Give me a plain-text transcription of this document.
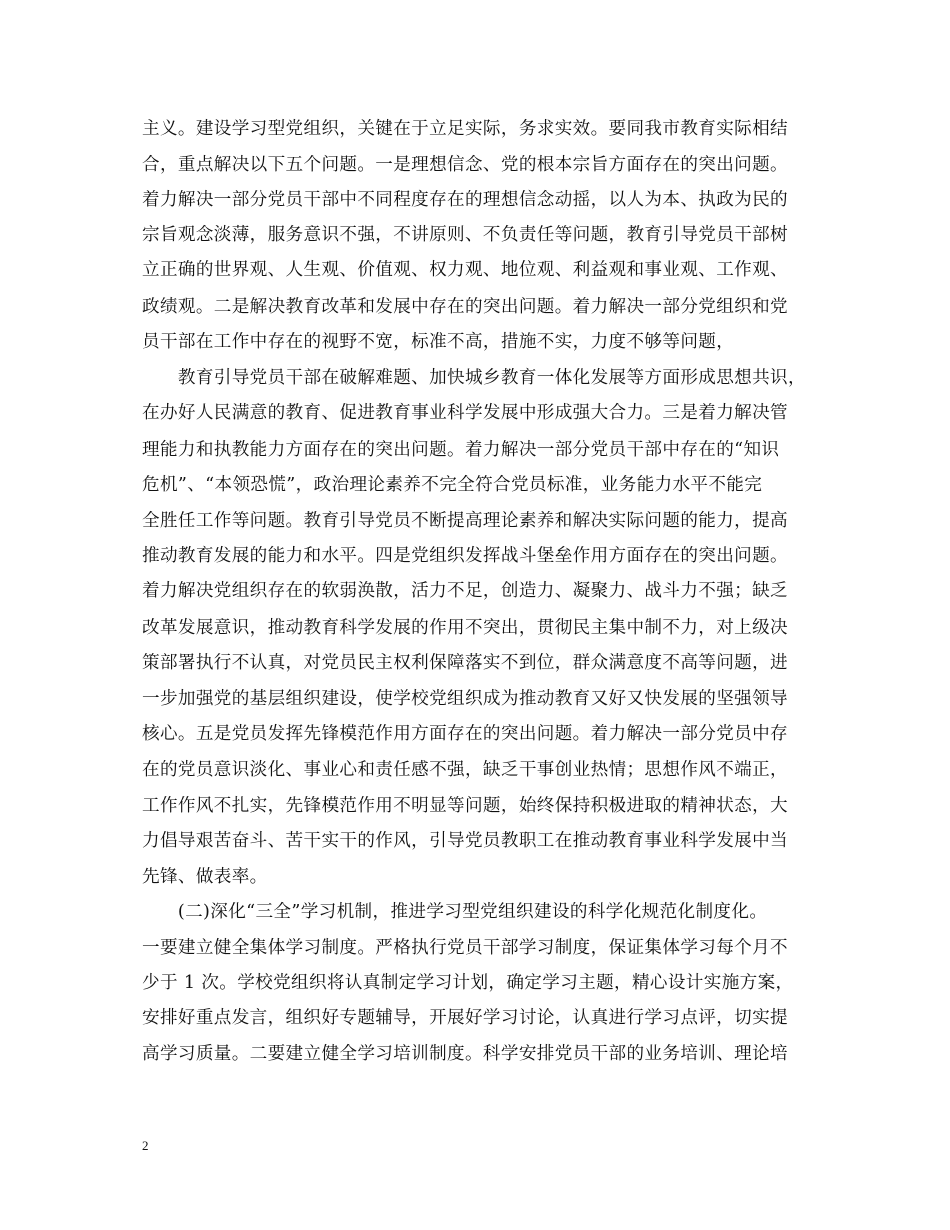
主义。建设学习型党组织，关键在于立足实际，务求实效。要同我市教育实际相结
合，重点解决以下五个问题。一是理想信念、党的根本宗旨方面存在的突出问题。
着力解决一部分党员干部中不同程度存在的理想信念动摇，以人为本、执政为民的
宗旨观念淡薄，服务意识不强，不讲原则、不负责任等问题，教育引导党员干部树
立正确的世界观、人生观、价值观、权力观、地位观、利益观和事业观、工作观、
政绩观。二是解决教育改革和发展中存在的突出问题。着力解决一部分党组织和党
员干部在工作中存在的视野不宽，标准不高，措施不实，力度不够等问题，
　　教育引导党员干部在破解难题、加快城乡教育一体化发展等方面形成思想共识，
在办好人民满意的教育、促进教育事业科学发展中形成强大合力。三是着力解决管
理能力和执教能力方面存在的突出问题。着力解决一部分党员干部中存在的“知识
危机”、“本领恐慌”，政治理论素养不完全符合党员标准，业务能力水平不能完
全胜任工作等问题。教育引导党员不断提高理论素养和解决实际问题的能力，提高
推动教育发展的能力和水平。四是党组织发挥战斗堡垒作用方面存在的突出问题。
着力解决党组织存在的软弱涣散，活力不足，创造力、凝聚力、战斗力不强；缺乏
改革发展意识，推动教育科学发展的作用不突出，贯彻民主集中制不力，对上级决
策部署执行不认真，对党员民主权利保障落实不到位，群众满意度不高等问题，进
一步加强党的基层组织建设，使学校党组织成为推动教育又好又快发展的坚强领导
核心。五是党员发挥先锋模范作用方面存在的突出问题。着力解决一部分党员中存
在的党员意识淡化、事业心和责任感不强，缺乏干事创业热情；思想作风不端正，
工作作风不扎实，先锋模范作用不明显等问题，始终保持积极进取的精神状态，大
力倡导艰苦奋斗、苦干实干的作风，引导党员教职工在推动教育事业科学发展中当
先锋、做表率。
　　(二)深化“三全”学习机制，推进学习型党组织建设的科学化规范化制度化。
一要建立健全集体学习制度。严格执行党员干部学习制度，保证集体学习每个月不
少于 1 次。学校党组织将认真制定学习计划，确定学习主题，精心设计实施方案，
安排好重点发言，组织好专题辅导，开展好学习讨论，认真进行学习点评，切实提
高学习质量。二要建立健全学习培训制度。科学安排党员干部的业务培训、理论培
2
